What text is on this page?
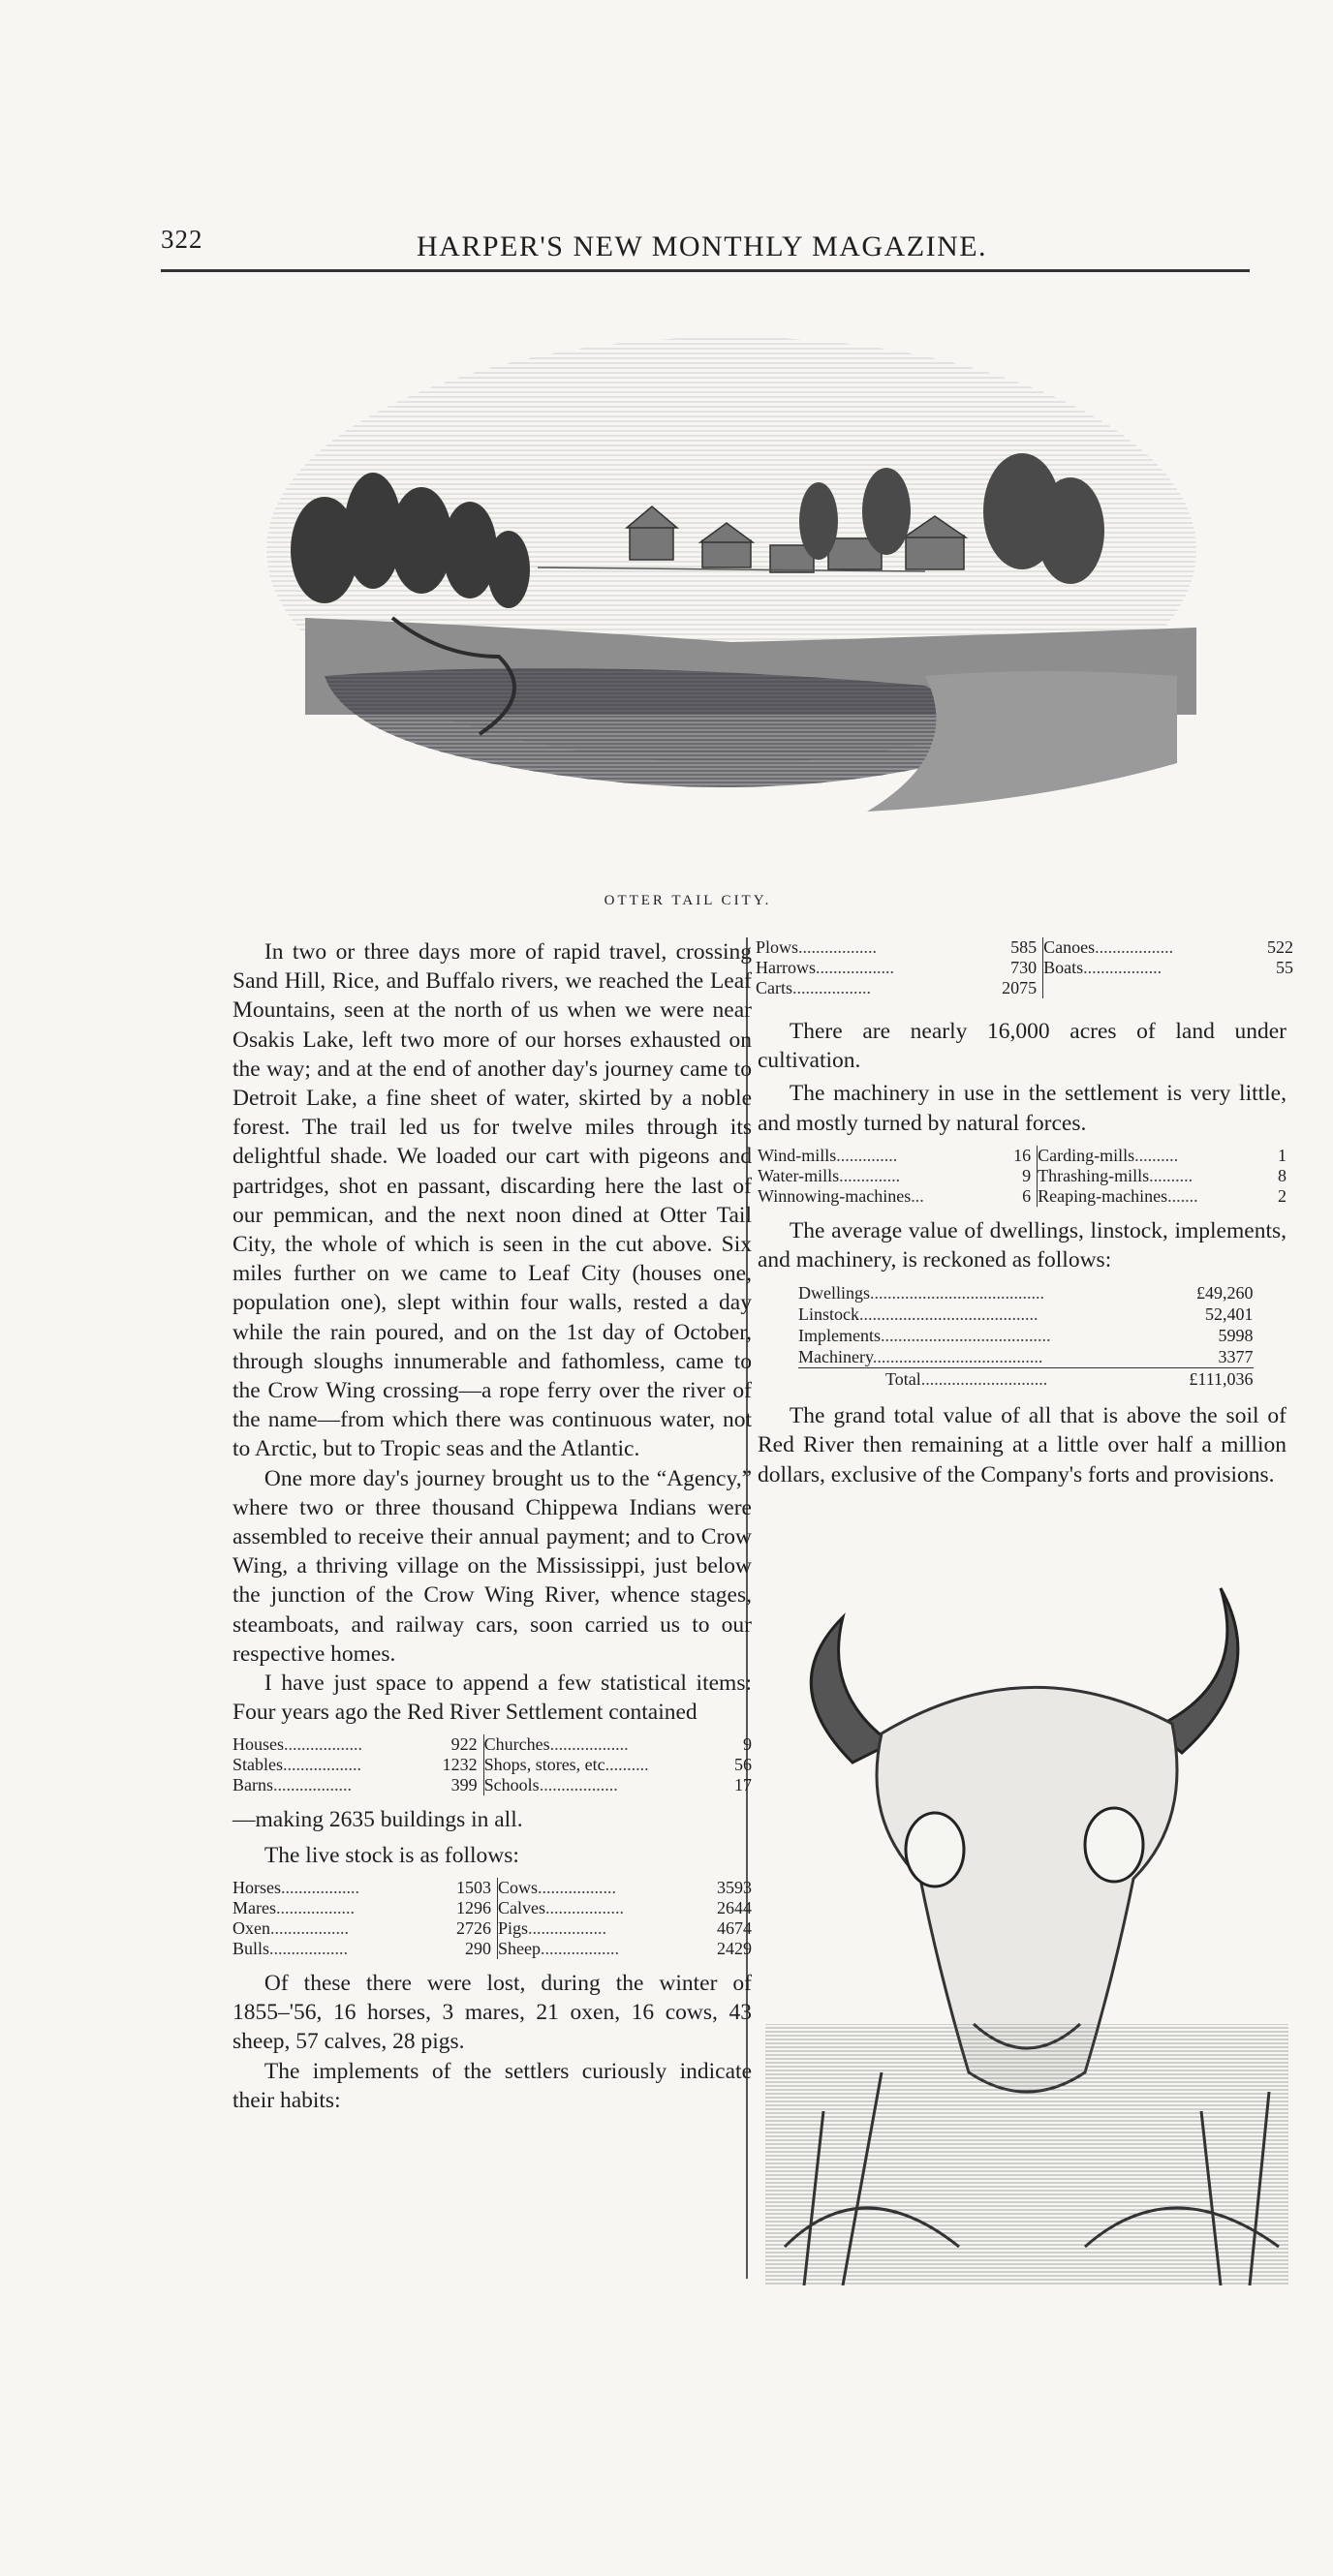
322	HARPER'S NEW MONTHLY MAGAZINE.
OTTER TAIL CITY.

In two or three days more of rapid travel, crossing Sand Hill, Rice, and Buffalo rivers, we reached the Leaf Mountains, seen at the north of us when we were near Osakis Lake, left two more of our horses exhausted on the way; and at the end of another day's journey came to Detroit Lake, a fine sheet of water, skirted by a noble forest. The trail led us for twelve miles through its delightful shade. We loaded our cart with pigeons and partridges, shot en passant, discarding here the last of our pemmican, and the next noon dined at Otter Tail City, the whole of which is seen in the cut above. Six miles further on we came to Leaf City (houses one, population one), slept within four walls, rested a day while the rain poured, and on the 1st day of October, through sloughs innumerable and fathomless, came to the Crow Wing crossing—a rope ferry over the river of the name—from which there was continuous water, not to Arctic, but to Tropic seas and the Atlantic.

One more day's journey brought us to the “Agency,” where two or three thousand Chippewa Indians were assembled to receive their annual payment; and to Crow Wing, a thriving village on the Mississippi, just below the junction of the Crow Wing River, whence stages, steamboats, and railway cars, soon carried us to our respective homes.

I have just space to append a few statistical items: Four years ago the Red River Settlement contained

Houses..................	922	Churches..................	9
Stables..................	1232	Shops, stores, etc..........	56
Barns..................	399	Schools..................	17

—making 2635 buildings in all.

The live stock is as follows:

Horses..................	1503	Cows..................	3593
Mares..................	1296	Calves..................	2644
Oxen..................	2726	Pigs..................	4674
Bulls..................	290	Sheep..................	2429

Of these there were lost, during the winter of 1855–'56, 16 horses, 3 mares, 21 oxen, 16 cows, 43 sheep, 57 calves, 28 pigs.

The implements of the settlers curiously indicate their habits:

Plows..................	585	Canoes..................	522
Harrows..................	730	Boats..................	55
Carts..................	2075		

There are nearly 16,000 acres of land under cultivation.

The machinery in use in the settlement is very little, and mostly turned by natural forces.

Wind-mills..............	16	Carding-mills..........	1
Water-mills..............	9	Thrashing-mills..........	8
Winnowing-machines...	6	Reaping-machines.......	2

The average value of dwellings, linstock, implements, and machinery, is reckoned as follows:

Dwellings........................................	£49,260
Linstock.........................................	52,401
Implements.......................................	5998
Machinery.......................................	3377
Total.............................	£111,036

The grand total value of all that is above the soil of Red River then remaining at a little over half a million dollars, exclusive of the Company's forts and provisions.
